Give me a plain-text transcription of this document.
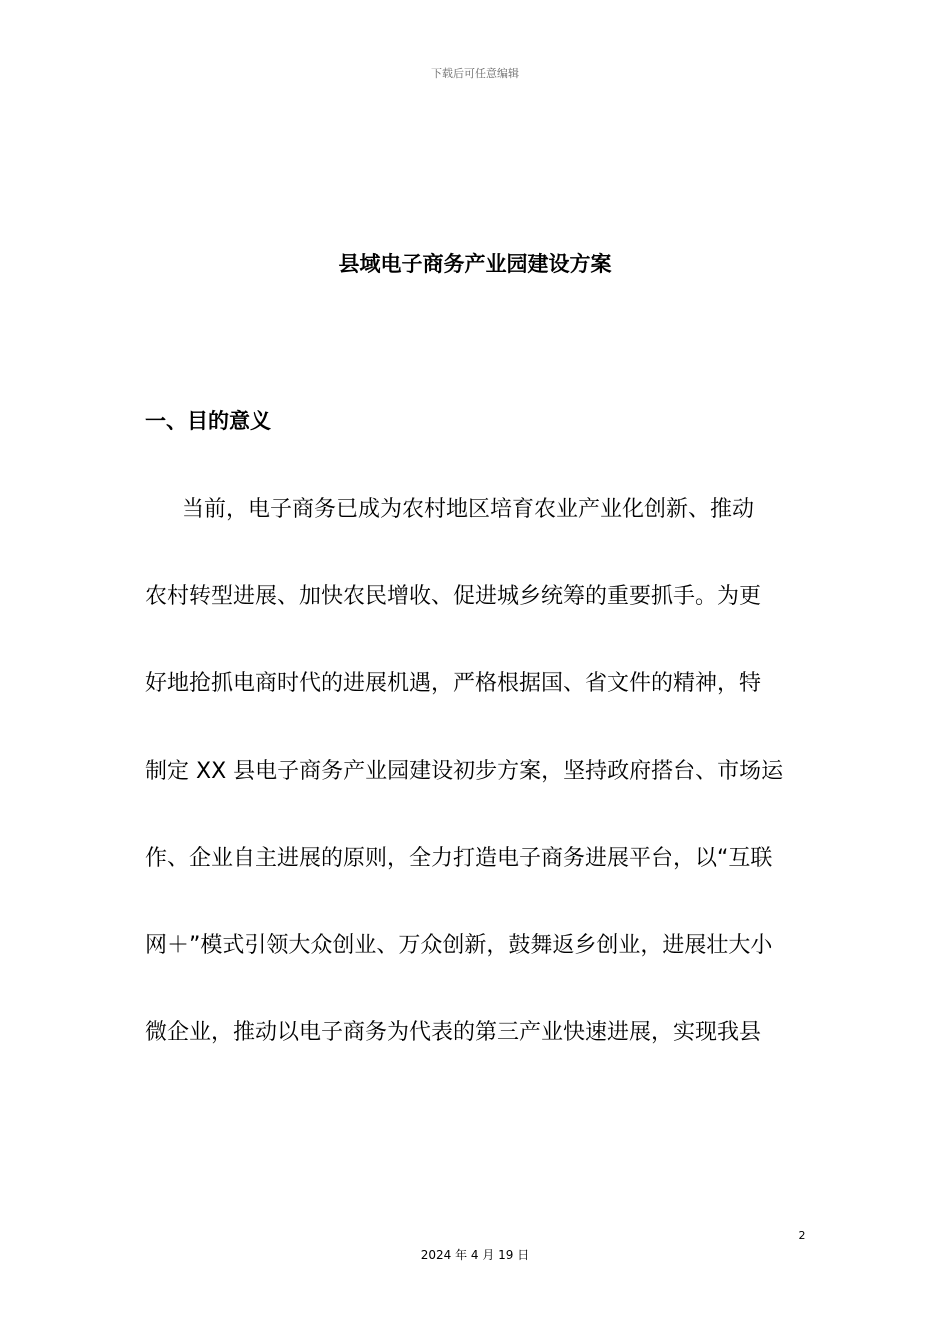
下载后可任意编辑
县域电子商务产业园建设方案
一、目的意义
当前，电子商务已成为农村地区培育农业产业化创新、推动
农村转型进展、加快农民增收、促进城乡统筹的重要抓手。为更
好地抢抓电商时代的进展机遇，严格根据国、省文件的精神，特
制定 XX 县电子商务产业园建设初步方案，坚持政府搭台、市场运
作、企业自主进展的原则，全力打造电子商务进展平台，以“互联
网＋”模式引领大众创业、万众创新，鼓舞返乡创业，进展壮大小
微企业，推动以电子商务为代表的第三产业快速进展，实现我县
2
2024 年 4 月 19 日
